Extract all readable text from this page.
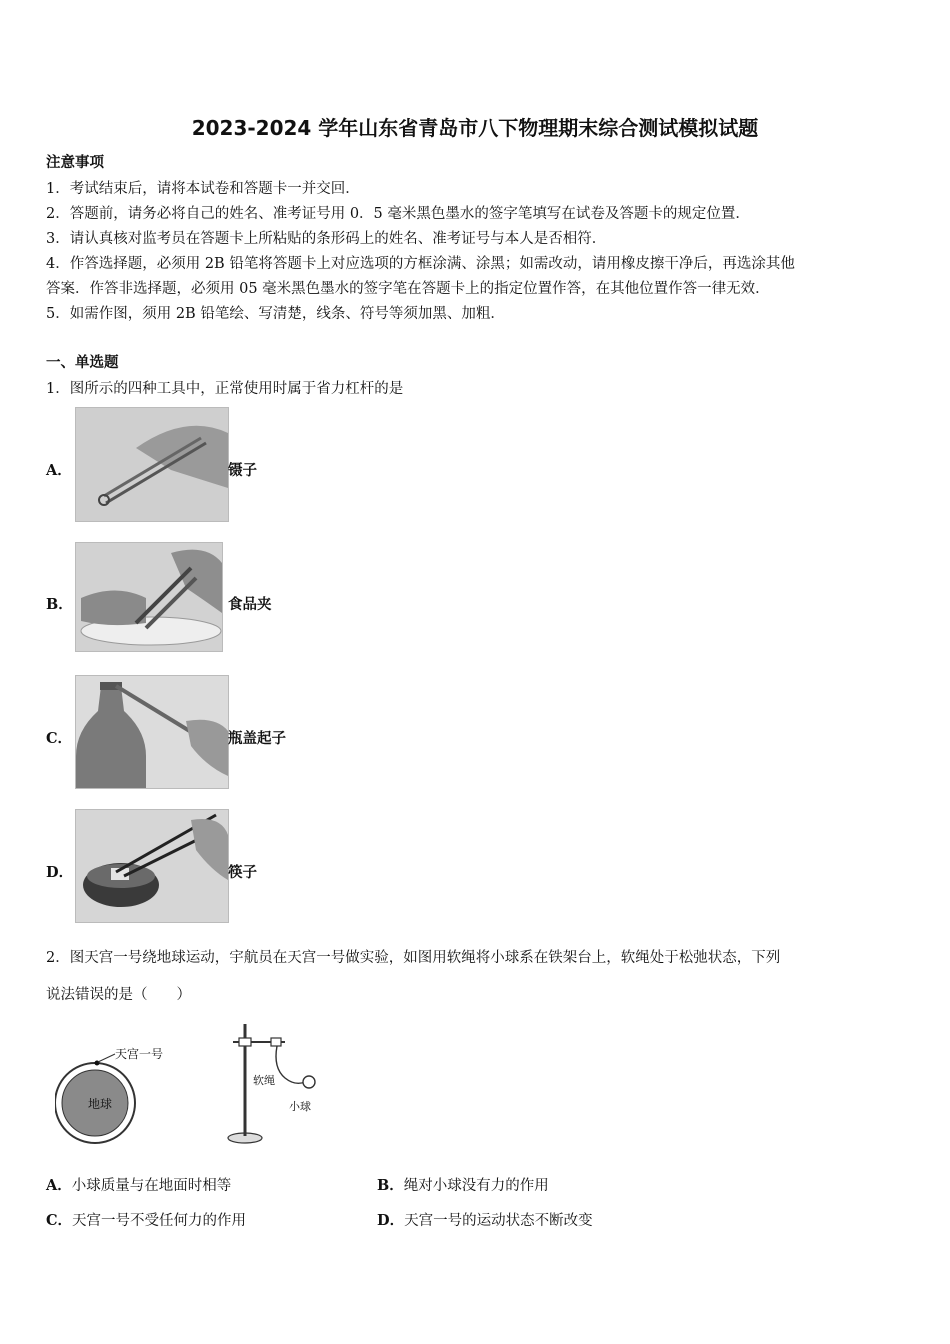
2023-2024 学年山东省青岛市八下物理期末综合测试模拟试题
注意事项
1．考试结束后，请将本试卷和答题卡一并交回．
2．答题前，请务必将自己的姓名、准考证号用 0．5 毫米黑色墨水的签字笔填写在试卷及答题卡的规定位置．
3．请认真核对监考员在答题卡上所粘贴的条形码上的姓名、准考证号与本人是否相符．
4．作答选择题，必须用 2B 铅笔将答题卡上对应选项的方框涂满、涂黑；如需改动，请用橡皮擦干净后，再选涂其他
答案．作答非选择题，必须用 05 毫米黑色墨水的签字笔在答题卡上的指定位置作答，在其他位置作答一律无效．
5．如需作图，须用 2B 铅笔绘、写清楚，线条、符号等须加黑、加粗．
一、单选题
1．图所示的四种工具中，正常使用时属于省力杠杆的是
A．	镊子
B．	食品夹
C．	瓶盖起子
D．	筷子
2．图天宫一号绕地球运动，宇航员在天宫一号做实验，如图用软绳将小球系在铁架台上，软绳处于松弛状态，下列
说法错误的是（　　）
地球
天宫一号
软绳
小球
A．小球质量与在地面时相等	B．绳对小球没有力的作用
C．天宫一号不受任何力的作用	D．天宫一号的运动状态不断改变
